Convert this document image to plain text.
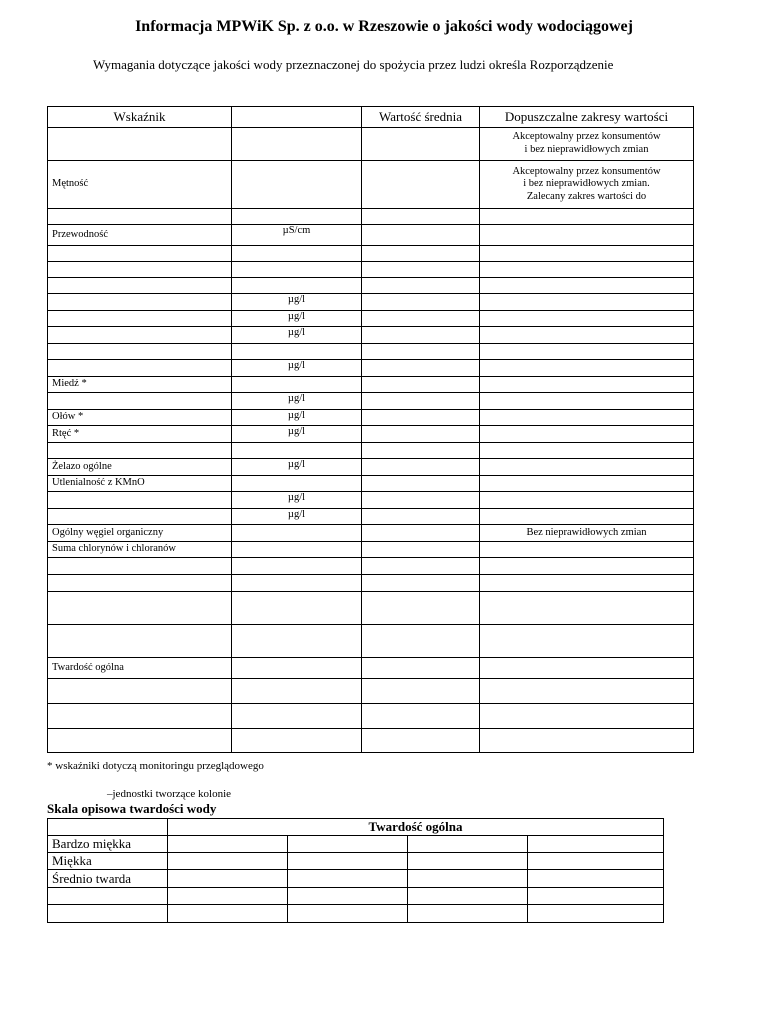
Informacja MPWiK Sp. z o.o. w Rzeszowie o jakości wody wodociągowej
Wymagania dotyczące jakości wody przeznaczonej do spożycia przez ludzi określa Rozporządzenie
Wskaźnik		Wartość średnia	Dopuszczalne zakresy wartości
			Akceptowalny przez konsumentów
i bez nieprawidłowych zmian
Mętność			Akceptowalny przez konsumentów
i bez nieprawidłowych zmian.
Zalecany zakres wartości do

Przewodność	µS/cm		

	µg/l		
	µg/l		
	µg/l		

	µg/l		
Miedź *			
	µg/l		
Ołów *	µg/l		
Rtęć *	µg/l		

Żelazo ogólne	µg/l		
Utlenialność z KMnO			
	µg/l		
	µg/l		
Ogólny węgiel organiczny			Bez nieprawidłowych zmian
Suma chlorynów i chloranów			

Twardość ogólna			

* wskaźniki dotyczą monitoringu przeglądowego
–jednostki tworzące kolonie
Skala opisowa twardości wody
	Twardość ogólna			
Bardzo miękka				
Miękka				
Średnio twarda				
